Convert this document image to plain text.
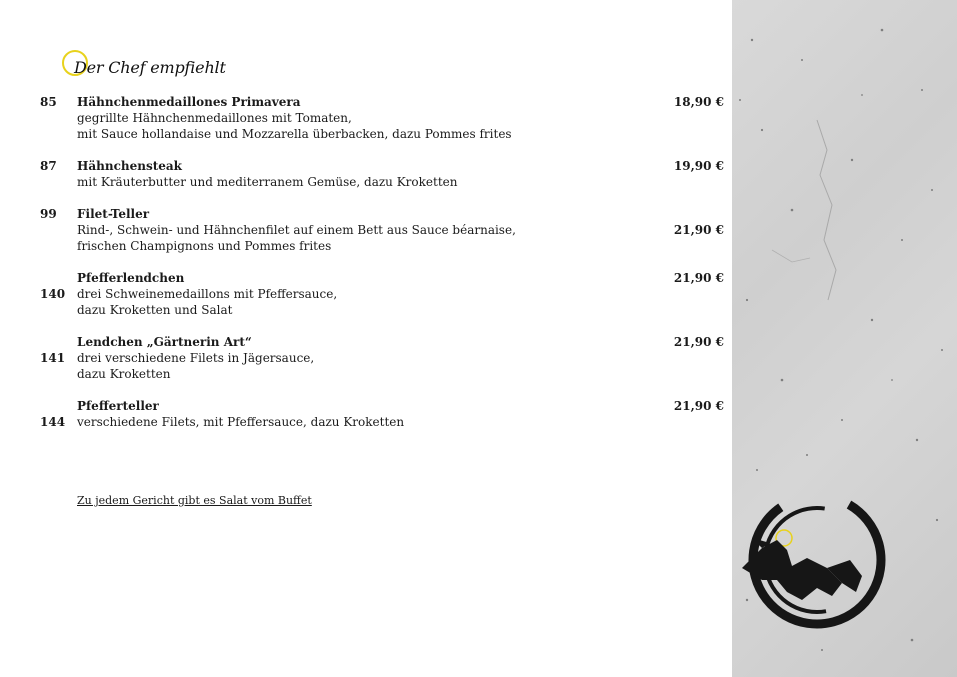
Der Chef empfiehlt
85 Hähnchenmedaillones Primavera
gegrillte Hähnchenmedaillones mit Tomaten,
mit Sauce hollandaise und Mozzarella überbacken, dazu Pommes frites
18,90 €
87 Hähnchensteak
mit Kräuterbutter und mediterranem Gemüse, dazu Kroketten
19,90 €
99 Filet-Teller
Rind-, Schwein- und Hähnchenfilet auf einem Bett aus Sauce béarnaise,
frischen Champignons und Pommes frites
21,90 €
140
Pfefferlendchen
drei Schweinemedaillons mit Pfeffersauce,
dazu Kroketten und Salat
21,90 €
141
Lendchen „Gärtnerin Art“
drei verschiedene Filets in Jägersauce,
dazu Kroketten
21,90 €
144
Pfefferteller
verschiedene Filets, mit Pfeffersauce, dazu Kroketten
21,90 €
Zu jedem Gericht gibt es Salat vom Buffet
